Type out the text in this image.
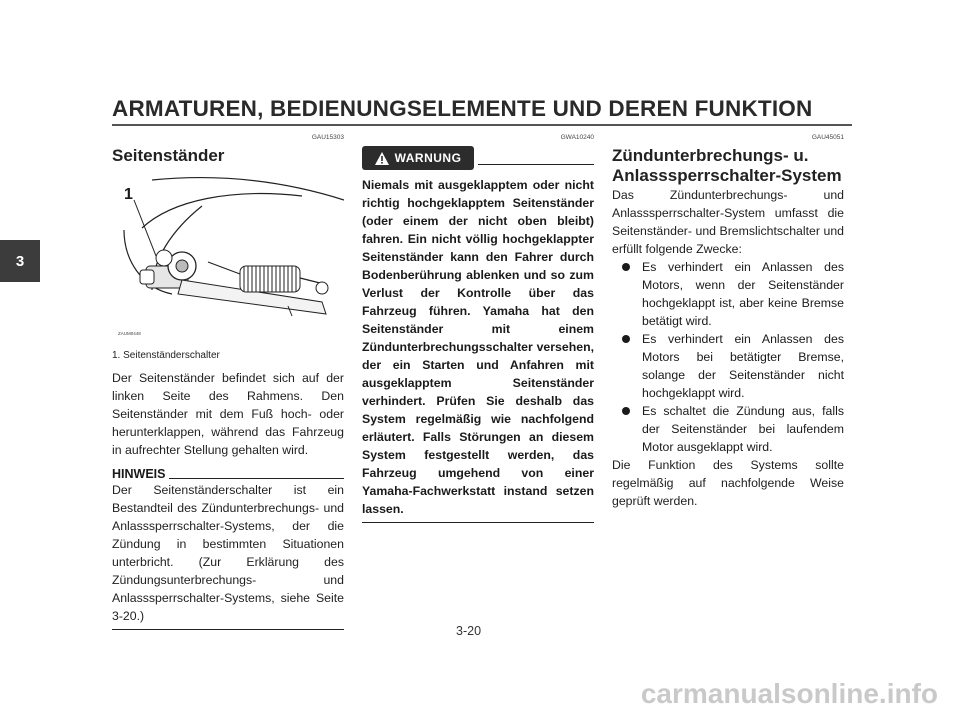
ARMATUREN, BEDIENUNGSELEMENTE UND DEREN FUNKTION
3
GAU15303
Seitenständer
1
ZAUM0448
1. Seitenständerschalter
Der Seitenständer befindet sich auf der linken Seite des Rahmens. Den Seitenständer mit dem Fuß hoch- oder herunterklappen, während das Fahrzeug in aufrechter Stellung gehalten wird.
HINWEIS
Der Seitenständerschalter ist ein Bestandteil des Zündunterbrechungs- und Anlasssperrschalter-Systems, der die Zündung in bestimmten Situationen unterbricht. (Zur Erklärung des Zündungsunterbrechungs- und Anlasssperrschalter-Systems, siehe Seite 3-20.)
GWA10240
WARNUNG
Niemals mit ausgeklapptem oder nicht richtig hochgeklapptem Seitenständer (oder einem der nicht oben bleibt) fahren. Ein nicht völlig hochgeklappter Seitenständer kann den Fahrer durch Bodenberührung ablenken und so zum Verlust der Kontrolle über das Fahrzeug führen. Yamaha hat den Seitenständer mit einem Zündunterbrechungsschalter versehen, der ein Starten und Anfahren mit ausgeklapptem Seitenständer verhindert. Prüfen Sie deshalb das System regelmäßig wie nachfolgend erläutert. Falls Störungen an diesem System festgestellt werden, das Fahrzeug umgehend von einer Yamaha-Fachwerkstatt instand setzen lassen.
GAU45051
Zündunterbrechungs- u. Anlasssperrschalter-System
Das Zündunterbrechungs- und Anlasssperrschalter-System umfasst die Seitenständer- und Bremslichtschalter und erfüllt folgende Zwecke:
Es verhindert ein Anlassen des Motors, wenn der Seitenständer hochgeklappt ist, aber keine Bremse betätigt wird.
Es verhindert ein Anlassen des Motors bei betätigter Bremse, solange der Seitenständer nicht hochgeklappt wird.
Es schaltet die Zündung aus, falls der Seitenständer bei laufendem Motor ausgeklappt wird.
Die Funktion des Systems sollte regelmäßig auf nachfolgende Weise geprüft werden.
3-20
carmanualsonline.info
